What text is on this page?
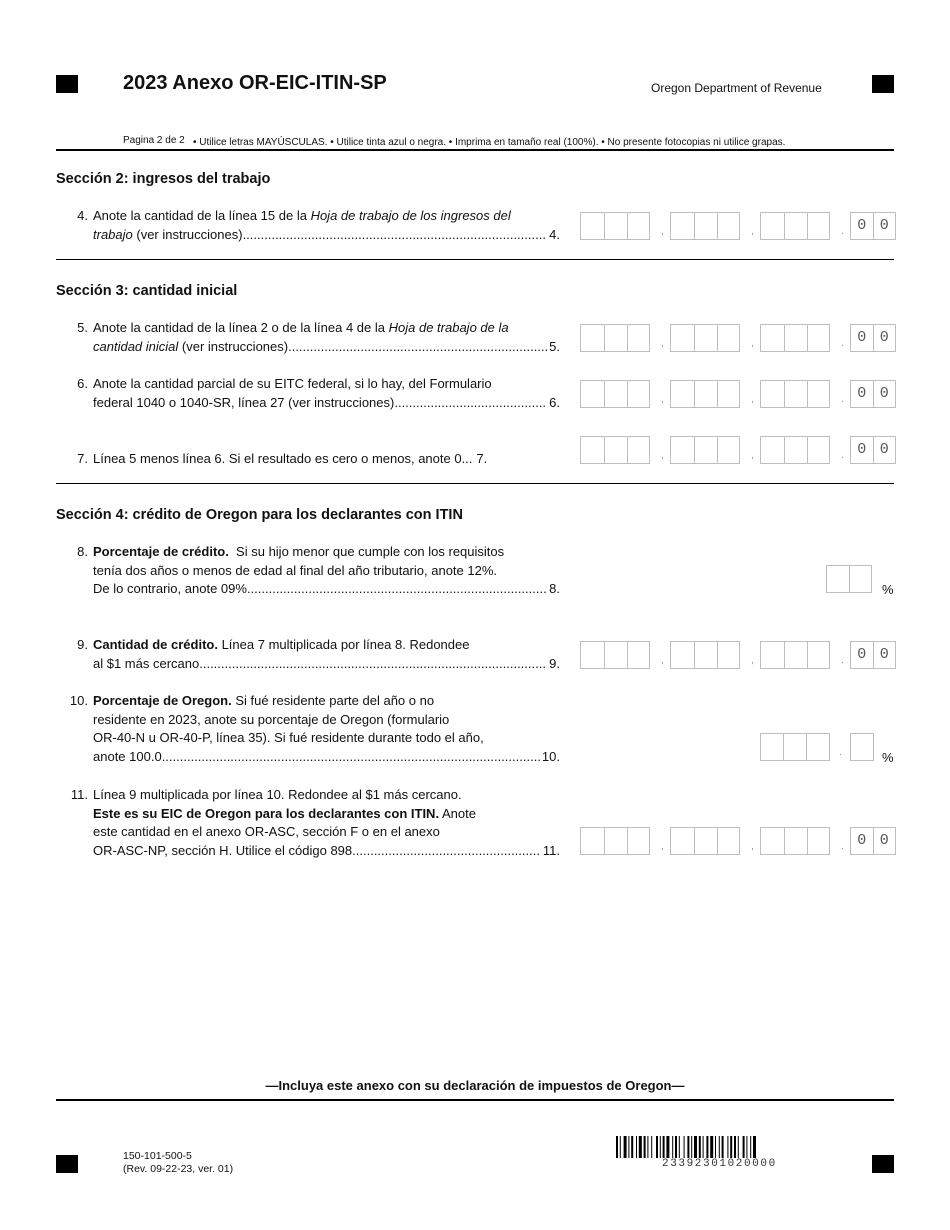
2023 Anexo OR-EIC-ITIN-SP	Oregon Department of Revenue
Pagina 2 de 2 • Utilice letras MAYÚSCULAS. • Utilice tinta azul o negra. • Imprima en tamaño real (100%). • No presente fotocopias ni utilice grapas.
Sección 2: ingresos del trabajo
4. Anote la cantidad de la línea 15 de la Hoja de trabajo de los ingresos del
trabajo (ver instrucciones) .....	4.	,	,	. 0 0
Sección 3: cantidad inicial
5. Anote la cantidad de la línea 2 o de la línea 4 de la Hoja de trabajo de la
cantidad inicial (ver instrucciones) .....	5.	,	,	. 0 0
6. Anote la cantidad parcial de su EITC federal, si lo hay, del Formulario
federal 1040 o 1040-SR, línea 27 (ver instrucciones) .....	6.	,	,	. 0 0
7. Línea 5 menos línea 6. Si el resultado es cero o menos, anote 0... 7.	,	,	. 0 0
Sección 4: crédito de Oregon para los declarantes con ITIN
8. Porcentaje de crédito.  Si su hijo menor que cumple con los requisitos
tenía dos años o menos de edad al final del año tributario, anote 12%.
De lo contrario, anote 09% .....	8.	%
9. Cantidad de crédito. Línea 7 multiplicada por línea 8. Redondee
al $1 más cercano .....	9.	,	,	. 0 0
10. Porcentaje de Oregon. Si fué residente parte del año o no
residente en 2023, anote su porcentaje de Oregon (formulario
OR-40-N u OR-40-P, línea 35). Si fué residente durante todo el año,
anote 100.0 .....	10.	.	%
11. Línea 9 multiplicada por línea 10. Redondee al $1 más cercano.
Este es su EIC de Oregon para los declarantes con ITIN. Anote
este cantidad en el anexo OR-ASC, sección F o en el anexo
OR-ASC-NP, sección H. Utilice el código 898. .....	11.	,	,	. 0 0
—Incluya este anexo con su declaración de impuestos de Oregon—
150-101-500-5
(Rev. 09-22-23, ver. 01)	23392301020000
